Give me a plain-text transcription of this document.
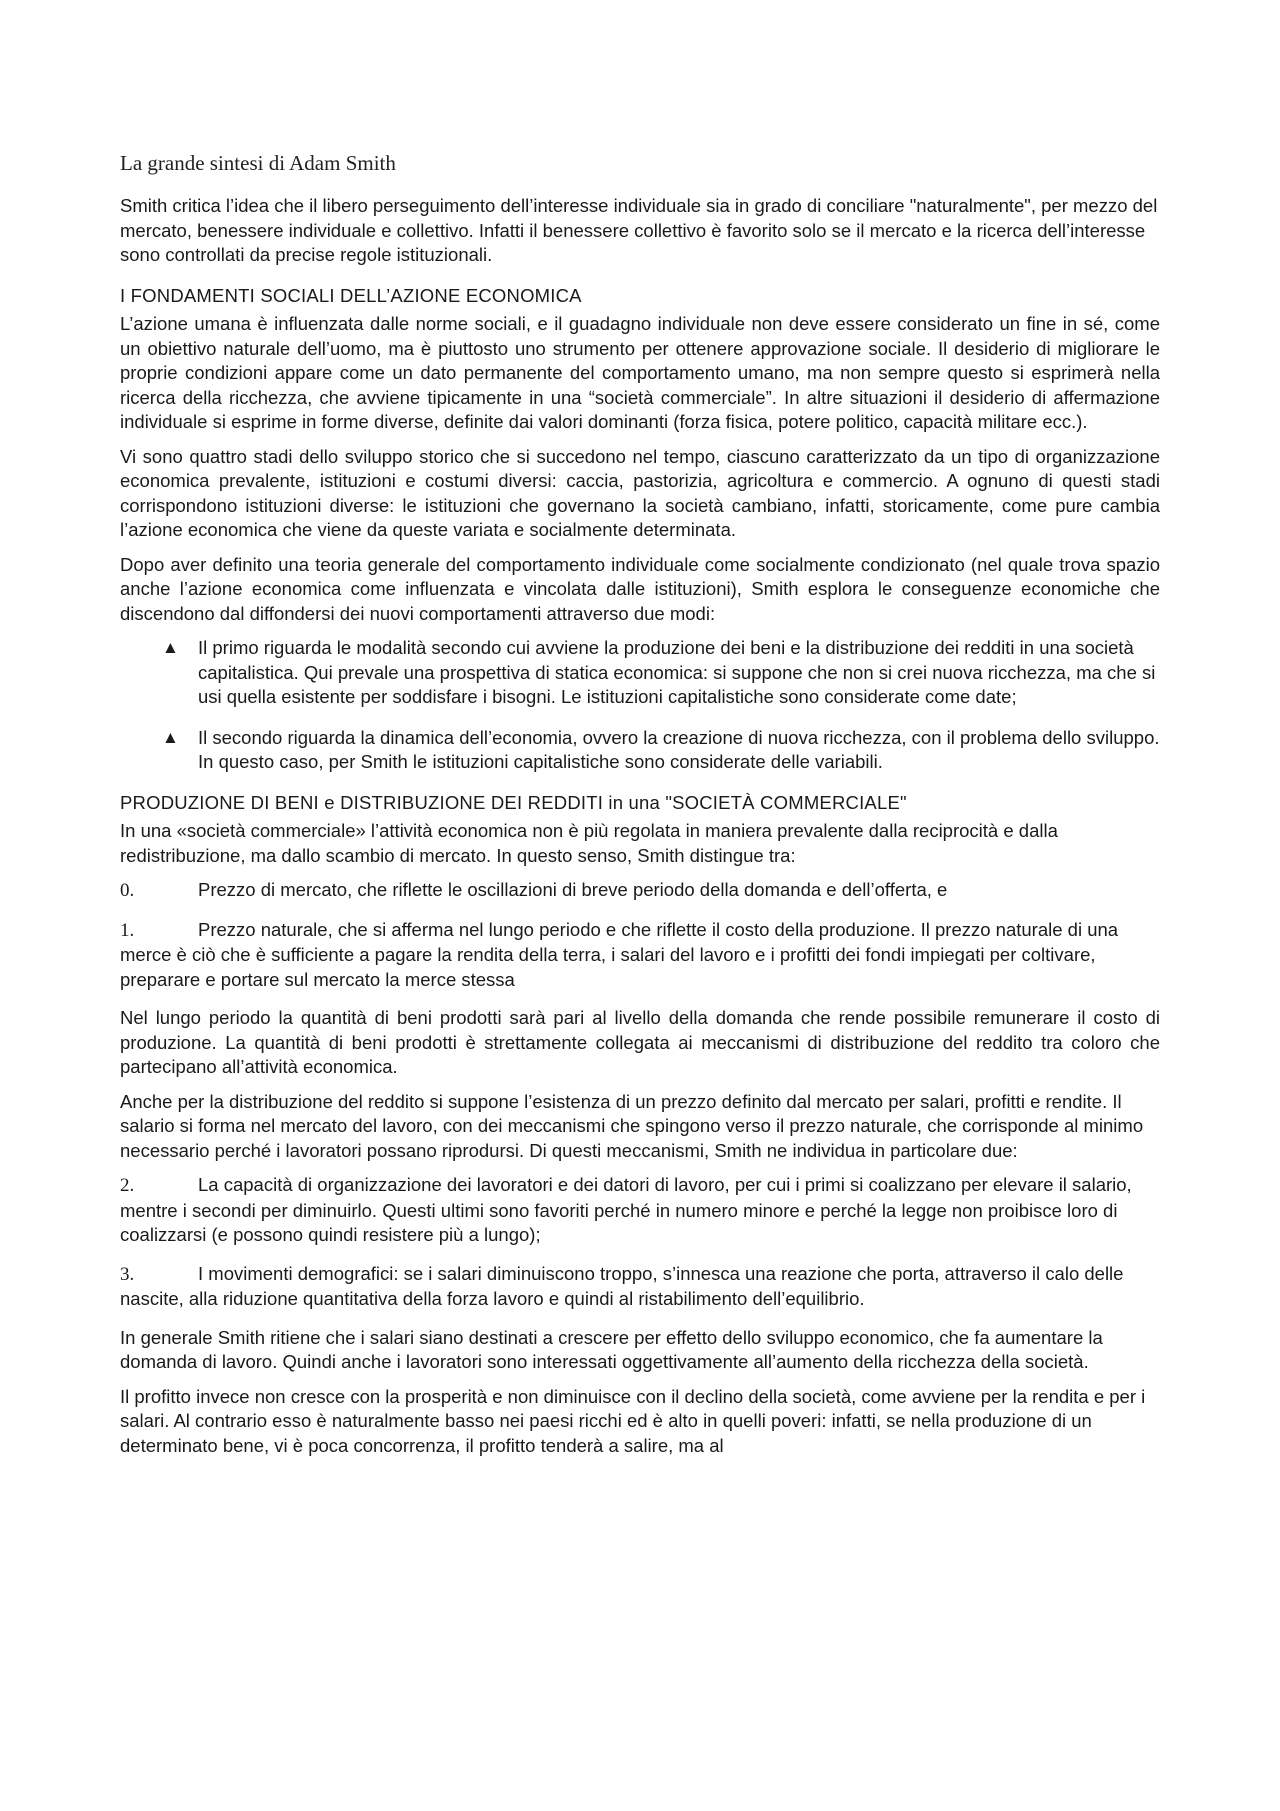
La grande sintesi di Adam Smith

Smith critica l’idea che il libero perseguimento dell’interesse individuale sia in grado di conciliare "naturalmente", per mezzo del mercato, benessere individuale e collettivo. Infatti il benessere collettivo è favorito solo se il mercato e la ricerca dell’interesse sono controllati da precise regole istituzionali.

I FONDAMENTI SOCIALI DELL’AZIONE ECONOMICA

L’azione umana è influenzata dalle norme sociali, e il guadagno individuale non deve essere considerato un fine in sé, come un obiettivo naturale dell’uomo, ma è piuttosto uno strumento per ottenere approvazione sociale. Il desiderio di migliorare le proprie condizioni appare come un dato permanente del comportamento umano, ma non sempre questo si esprimerà nella ricerca della ricchezza, che avviene tipicamente in una “società commerciale”. In altre situazioni il desiderio di affermazione individuale si esprime in forme diverse, definite dai valori dominanti (forza fisica, potere politico, capacità militare ecc.).

Vi sono quattro stadi dello sviluppo storico che si succedono nel tempo, ciascuno caratterizzato da un tipo di organizzazione economica prevalente, istituzioni e costumi diversi: caccia, pastorizia, agricoltura e commercio. A ognuno di questi stadi corrispondono istituzioni diverse: le istituzioni che governano la società cambiano, infatti, storicamente, come pure cambia l’azione economica che viene da queste variata e socialmente determinata.

Dopo aver definito una teoria generale del comportamento individuale come socialmente condizionato (nel quale trova spazio anche l’azione economica come influenzata e vincolata dalle istituzioni), Smith esplora le conseguenze economiche che discendono dal diffondersi dei nuovi comportamenti attraverso due modi:

▲ Il primo riguarda le modalità secondo cui avviene la produzione dei beni e la distribuzione dei redditi in una società capitalistica. Qui prevale una prospettiva di statica economica: si suppone che non si crei nuova ricchezza, ma che si usi quella esistente per soddisfare i bisogni. Le istituzioni capitalistiche sono considerate come date;
▲ Il secondo riguarda la dinamica dell’economia, ovvero la creazione di nuova ricchezza, con il problema dello sviluppo. In questo caso, per Smith le istituzioni capitalistiche sono considerate delle variabili.
PRODUZIONE DI BENI e DISTRIBUZIONE DEI REDDITI in una "SOCIETÀ COMMERCIALE"

In una «società commerciale» l’attività economica non è più regolata in maniera prevalente dalla reciprocità e dalla redistribuzione, ma dallo scambio di mercato. In questo senso, Smith distingue tra:

0.	Prezzo di mercato, che riflette le oscillazioni di breve periodo della domanda e dell’offerta, e

1.	Prezzo naturale, che si afferma nel lungo periodo e che riflette il costo della produzione. Il prezzo naturale di una merce è ciò che è sufficiente a pagare la rendita della terra, i salari del lavoro e i profitti dei fondi impiegati per coltivare, preparare e portare sul mercato la merce stessa

Nel lungo periodo la quantità di beni prodotti sarà pari al livello della domanda che rende possibile remunerare il costo di produzione. La quantità di beni prodotti è strettamente collegata ai meccanismi di distribuzione del reddito tra coloro che partecipano all’attività economica.

Anche per la distribuzione del reddito si suppone l’esistenza di un prezzo definito dal mercato per salari, profitti e rendite. Il salario si forma nel mercato del lavoro, con dei meccanismi che spingono verso il prezzo naturale, che corrisponde al minimo necessario perché i lavoratori possano riprodursi. Di questi meccanismi, Smith ne individua in particolare due:

2.	La capacità di organizzazione dei lavoratori e dei datori di lavoro, per cui i primi si coalizzano per elevare il salario, mentre i secondi per diminuirlo. Questi ultimi sono favoriti perché in numero minore e perché la legge non proibisce loro di coalizzarsi (e possono quindi resistere più a lungo);

3.	I movimenti demografici: se i salari diminuiscono troppo, s’innesca una reazione che porta, attraverso il calo delle nascite, alla riduzione quantitativa della forza lavoro e quindi al ristabilimento dell’equilibrio.

In generale Smith ritiene che i salari siano destinati a crescere per effetto dello sviluppo economico, che fa aumentare la domanda di lavoro. Quindi anche i lavoratori sono interessati oggettivamente all’aumento della ricchezza della società.

Il profitto invece non cresce con la prosperità e non diminuisce con il declino della società, come avviene per la rendita e per i salari. Al contrario esso è naturalmente basso nei paesi ricchi ed è alto in quelli poveri: infatti, se nella produzione di un determinato bene, vi è poca concorrenza, il profitto tenderà a salire, ma al
